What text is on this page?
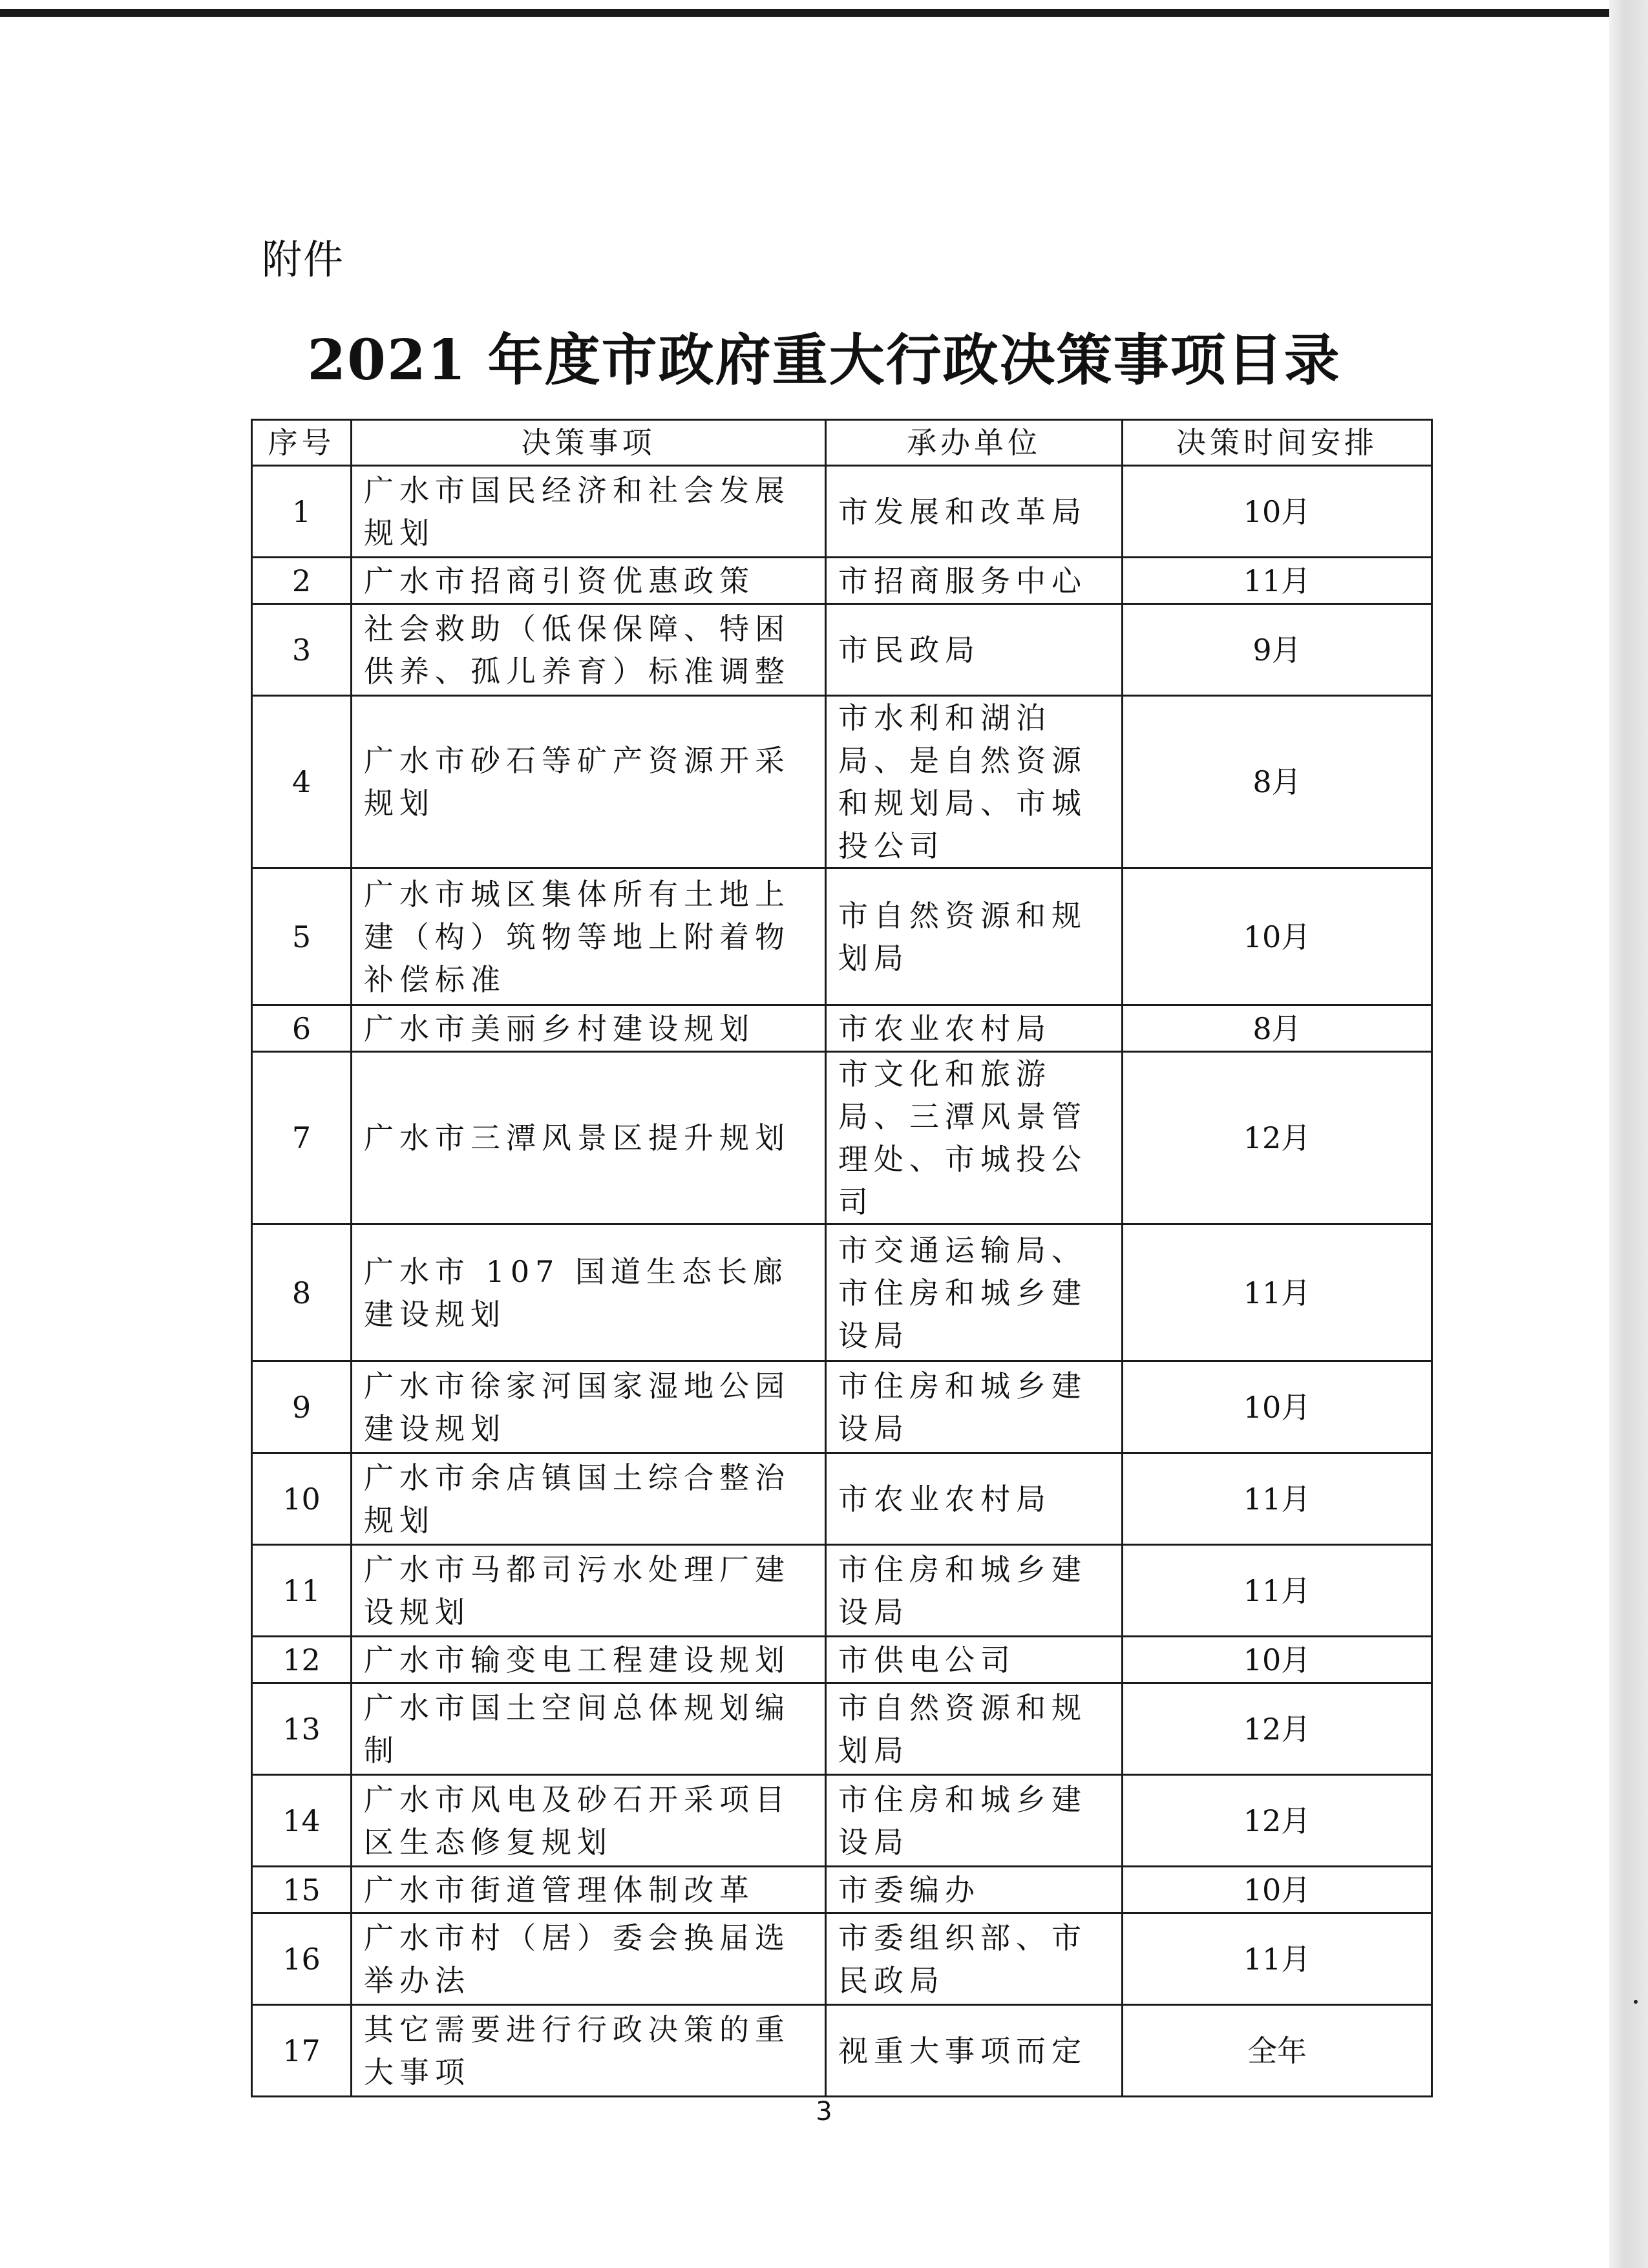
附件
2021 年度市政府重大行政决策事项目录
序号	决策事项	承办单位	决策时间安排
1	广水市国民经济和社会发展规划	市发展和改革局	10月
2	广水市招商引资优惠政策	市招商服务中心	11月
3	社会救助（低保保障、特困供养、孤儿养育）标准调整	市民政局	9月
4	广水市砂石等矿产资源开采规划	市水利和湖泊局、是自然资源和规划局、市城投公司	8月
5	广水市城区集体所有土地上建（构）筑物等地上附着物补偿标准	市自然资源和规划局	10月
6	广水市美丽乡村建设规划	市农业农村局	8月
7	广水市三潭风景区提升规划	市文化和旅游局、三潭风景管理处、市城投公司	12月
8	广水市 107 国道生态长廊建设规划	市交通运输局、市住房和城乡建设局	11月
9	广水市徐家河国家湿地公园建设规划	市住房和城乡建设局	10月
10	广水市余店镇国土综合整治规划	市农业农村局	11月
11	广水市马都司污水处理厂建设规划	市住房和城乡建设局	11月
12	广水市输变电工程建设规划	市供电公司	10月
13	广水市国土空间总体规划编制	市自然资源和规划局	12月
14	广水市风电及砂石开采项目区生态修复规划	市住房和城乡建设局	12月
15	广水市街道管理体制改革	市委编办	10月
16	广水市村（居）委会换届选举办法	市委组织部、市民政局	11月
17	其它需要进行行政决策的重大事项	视重大事项而定	全年
3
